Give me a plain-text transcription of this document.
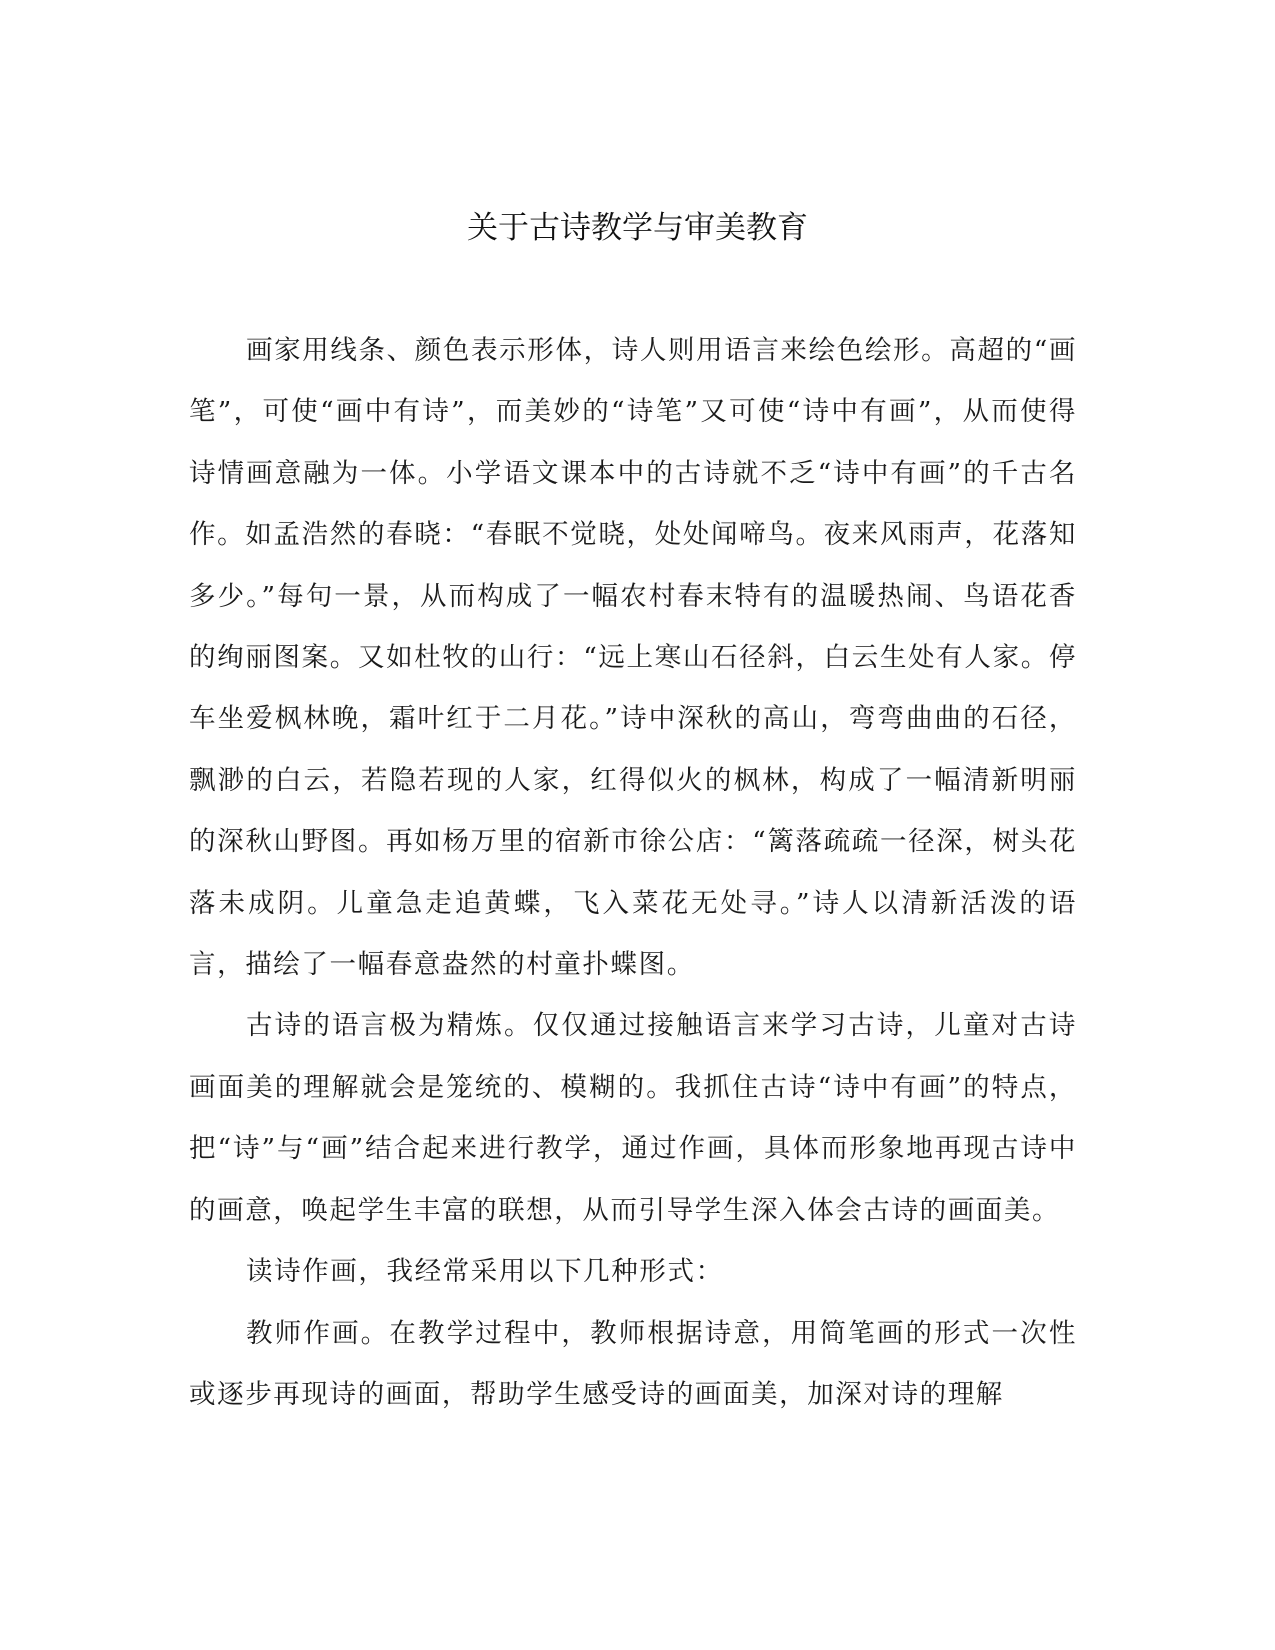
关于古诗教学与审美教育

画家用线条、颜色表示形体，诗人则用语言来绘色绘形。高超的“画笔”，可使“画中有诗”，而美妙的“诗笔”又可使“诗中有画”，从而使得诗情画意融为一体。小学语文课本中的古诗就不乏“诗中有画”的千古名作。如孟浩然的春晓：“春眠不觉晓，处处闻啼鸟。夜来风雨声，花落知多少。”每句一景，从而构成了一幅农村春末特有的温暖热闹、鸟语花香的绚丽图案。又如杜牧的山行：“远上寒山石径斜，白云生处有人家。停车坐爱枫林晚，霜叶红于二月花。”诗中深秋的高山，弯弯曲曲的石径，飘渺的白云，若隐若现的人家，红得似火的枫林，构成了一幅清新明丽的深秋山野图。再如杨万里的宿新市徐公店：“篱落疏疏一径深，树头花落未成阴。儿童急走追黄蝶，飞入菜花无处寻。”诗人以清新活泼的语言，描绘了一幅春意盎然的村童扑蝶图。

古诗的语言极为精炼。仅仅通过接触语言来学习古诗，儿童对古诗画面美的理解就会是笼统的、模糊的。我抓住古诗“诗中有画”的特点，把“诗”与“画”结合起来进行教学，通过作画，具体而形象地再现古诗中的画意，唤起学生丰富的联想，从而引导学生深入体会古诗的画面美。

读诗作画，我经常采用以下几种形式：

教师作画。在教学过程中，教师根据诗意，用简笔画的形式一次性或逐步再现诗的画面，帮助学生感受诗的画面美，加深对诗的理解
